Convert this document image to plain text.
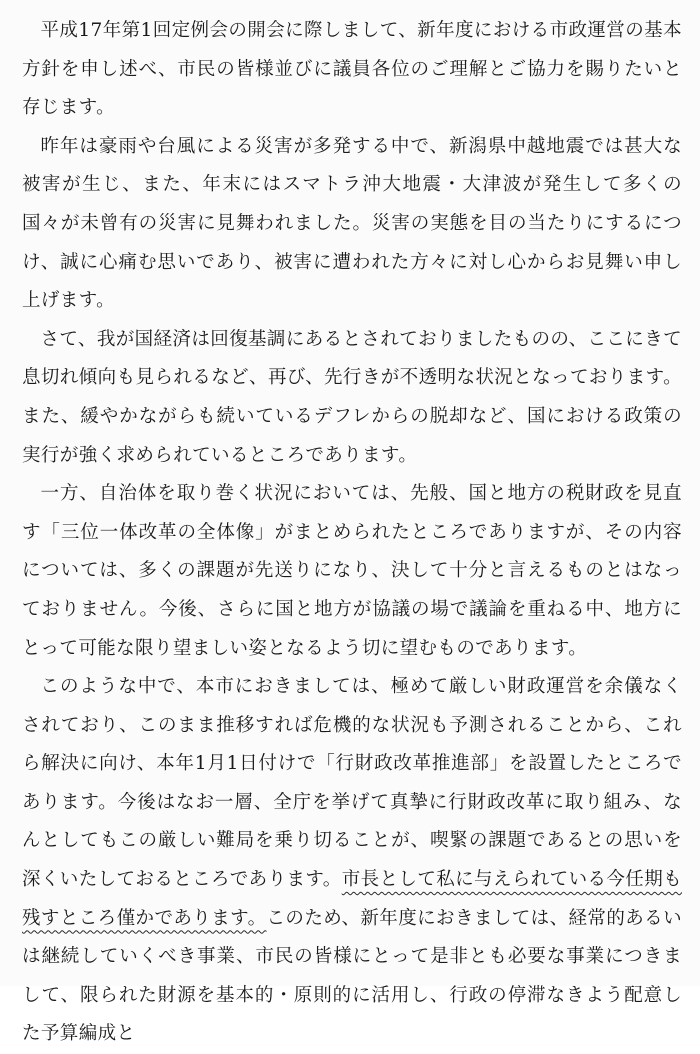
平成17年第1回定例会の開会に際しまして、新年度における市政運営の基本方針を申し述べ、市民の皆様並びに議員各位のご理解とご協力を賜りたいと存じます。

昨年は豪雨や台風による災害が多発する中で、新潟県中越地震では甚大な被害が生じ、また、年末にはスマトラ沖大地震・大津波が発生して多くの国々が未曾有の災害に見舞われました。災害の実態を目の当たりにするにつけ、誠に心痛む思いであり、被害に遭われた方々に対し心からお見舞い申し上げます。

さて、我が国経済は回復基調にあるとされておりましたものの、ここにきて息切れ傾向も見られるなど、再び、先行きが不透明な状況となっております。また、緩やかながらも続いているデフレからの脱却など、国における政策の実行が強く求められているところであります。

一方、自治体を取り巻く状況においては、先般、国と地方の税財政を見直す「三位一体改革の全体像」がまとめられたところでありますが、その内容については、多くの課題が先送りになり、決して十分と言えるものとはなっておりません。今後、さらに国と地方が協議の場で議論を重ねる中、地方にとって可能な限り望ましい姿となるよう切に望むものであります。

このような中で、本市におきましては、極めて厳しい財政運営を余儀なくされており、このまま推移すれば危機的な状況も予測されることから、これら解決に向け、本年1月1日付けで「行財政改革推進部」を設置したところであります。今後はなお一層、全庁を挙げて真摯に行財政改革に取り組み、なんとしてもこの厳しい難局を乗り切ることが、喫緊の課題であるとの思いを深くいたしておるところであります。市長として私に与えられている今任期も残すところ僅かであります。このため、新年度におきましては、経常的あるいは継続していくべき事業、市民の皆様にとって是非とも必要な事業につきまして、限られた財源を基本的・原則的に活用し、行政の停滞なきよう配意した予算編成と
